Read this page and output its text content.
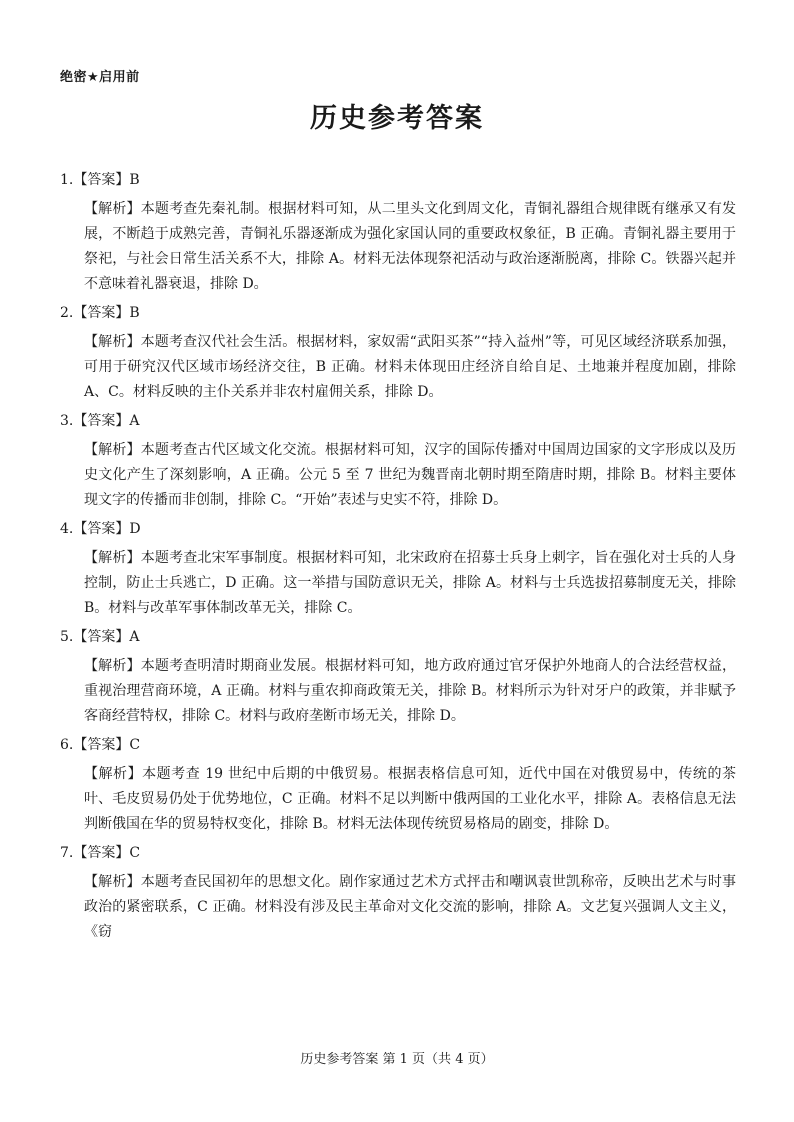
绝密★启用前
历史参考答案
1.【答案】B
【解析】本题考查先秦礼制。根据材料可知，从二里头文化到周文化，青铜礼器组合规律既有继承又有发展，不断趋于成熟完善，青铜礼乐器逐渐成为强化家国认同的重要政权象征，B 正确。青铜礼器主要用于祭祀，与社会日常生活关系不大，排除 A。材料无法体现祭祀活动与政治逐渐脱离，排除 C。铁器兴起并不意味着礼器衰退，排除 D。
2.【答案】B
【解析】本题考查汉代社会生活。根据材料，家奴需“武阳买茶”“持入益州”等，可见区域经济联系加强，可用于研究汉代区域市场经济交往，B 正确。材料未体现田庄经济自给自足、土地兼并程度加剧，排除 A、C。材料反映的主仆关系并非农村雇佣关系，排除 D。
3.【答案】A
【解析】本题考查古代区域文化交流。根据材料可知，汉字的国际传播对中国周边国家的文字形成以及历史文化产生了深刻影响，A 正确。公元 5 至 7 世纪为魏晋南北朝时期至隋唐时期，排除 B。材料主要体现文字的传播而非创制，排除 C。“开始”表述与史实不符，排除 D。
4.【答案】D
【解析】本题考查北宋军事制度。根据材料可知，北宋政府在招募士兵身上刺字，旨在强化对士兵的人身控制，防止士兵逃亡，D 正确。这一举措与国防意识无关，排除 A。材料与士兵选拔招募制度无关，排除 B。材料与改革军事体制改革无关，排除 C。
5.【答案】A
【解析】本题考查明清时期商业发展。根据材料可知，地方政府通过官牙保护外地商人的合法经营权益，重视治理营商环境，A 正确。材料与重农抑商政策无关，排除 B。材料所示为针对牙户的政策，并非赋予客商经营特权，排除 C。材料与政府垄断市场无关，排除 D。
6.【答案】C
【解析】本题考查 19 世纪中后期的中俄贸易。根据表格信息可知，近代中国在对俄贸易中，传统的茶叶、毛皮贸易仍处于优势地位，C 正确。材料不足以判断中俄两国的工业化水平，排除 A。表格信息无法判断俄国在华的贸易特权变化，排除 B。材料无法体现传统贸易格局的剧变，排除 D。
7.【答案】C
【解析】本题考查民国初年的思想文化。剧作家通过艺术方式抨击和嘲讽袁世凯称帝，反映出艺术与时事政治的紧密联系，C 正确。材料没有涉及民主革命对文化交流的影响，排除 A。文艺复兴强调人文主义，《窃
历史参考答案 第 1 页（共 4 页）
